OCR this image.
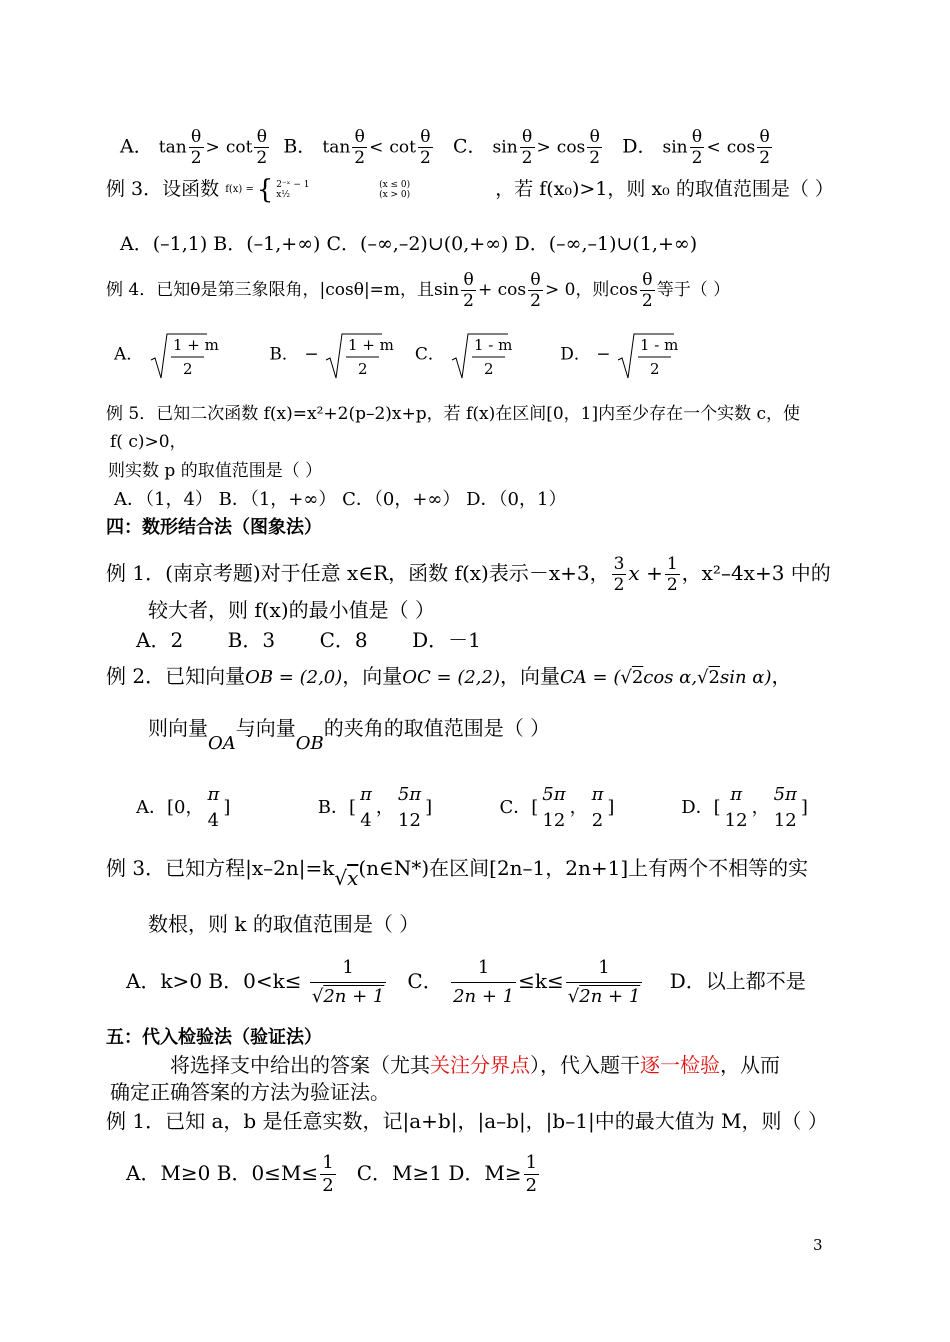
A． $\tan \frac{\theta}{2} > \cot \frac{\theta}{2}$ B． $\tan \frac{\theta}{2} < \cot \frac{\theta}{2}$ C． $\sin \frac{\theta}{2} > \cos \frac{\theta}{2}$ D． $\sin \frac{\theta}{2} < \cos \frac{\theta}{2}$
例 3．设函数 f(x) = { 2⁻ˣ − 1
x½ (x ≤ 0)
(x > 0)	，若 f(x₀)>1，则 x₀ 的取值范围是（ ）
A．(–1,1) B．(–1,+∞) C．(–∞,–2)∪(0,+∞) D．(–∞,–1)∪(1,+∞)
例 4．已知θ是第三象限角，|cosθ|=m，且$\sin \frac{\theta}{2} + \cos \frac{\theta}{2} > 0$，则$\cos \frac{\theta}{2}$ 等于（ ）
A． 1 + m
2
B． − 1 + m
2
C． 1 - m
2
D． − 1 - m
2
例 5．已知二次函数 f(x)=x²+2(p–2)x+p，若 f(x)在区间[0，1]内至少存在一个实数 c，使
f( c)>0，
则实数 p 的取值范围是（ ）
A．（1，4） B．（1，+∞） C．（0，+∞） D．（0，1）
四：数形结合法（图象法）
例 1．(南京考题)对于任意 x∈R，函数 f(x)表示－x+3， $\frac{3}{2}$ $x + \frac{1}{2}$ ，x²–4x+3 中的
较大者，则 f(x)的最小值是（ ）
A．2       B．3       C．8       D．－1
例 2．已知向量OB = (2,0)，向量OC = (2,2)，向量CA = (√2cos α,√2sin α)，
则向量OA与向量OB的夹角的取值范围是（ ）
A．[0，
π
4
]	B．[
π
4
，
5π
12
]	C．[
5π
12
，
π
2
]	D．[
π
12
，
5π
12
]
例 3．已知方程|x–2n|=k√x(n∈N*)在区间[2n–1，2n+1]上有两个不相等的实
数根，则 k 的取值范围是（ ）
A．k>0 B．$0<k\le \frac{1}{√2n + 1}$ C． $\frac{1}{2n + 1} \le k\le \frac{1}{√2n + 1}$ D．以上都不是
五：代入检验法（验证法）
将选择支中给出的答案（尤其关注分界点），代入题干逐一检验，从而
确定正确答案的方法为验证法。
例 1．已知 a，b 是任意实数，记|a+b|，|a–b|，|b–1|中的最大值为 M，则（ ）
A．M≥0 B．$0\le M\le \frac{1}{2}$ C．M≥1 D．$M\ge \frac{1}{2}$
3
